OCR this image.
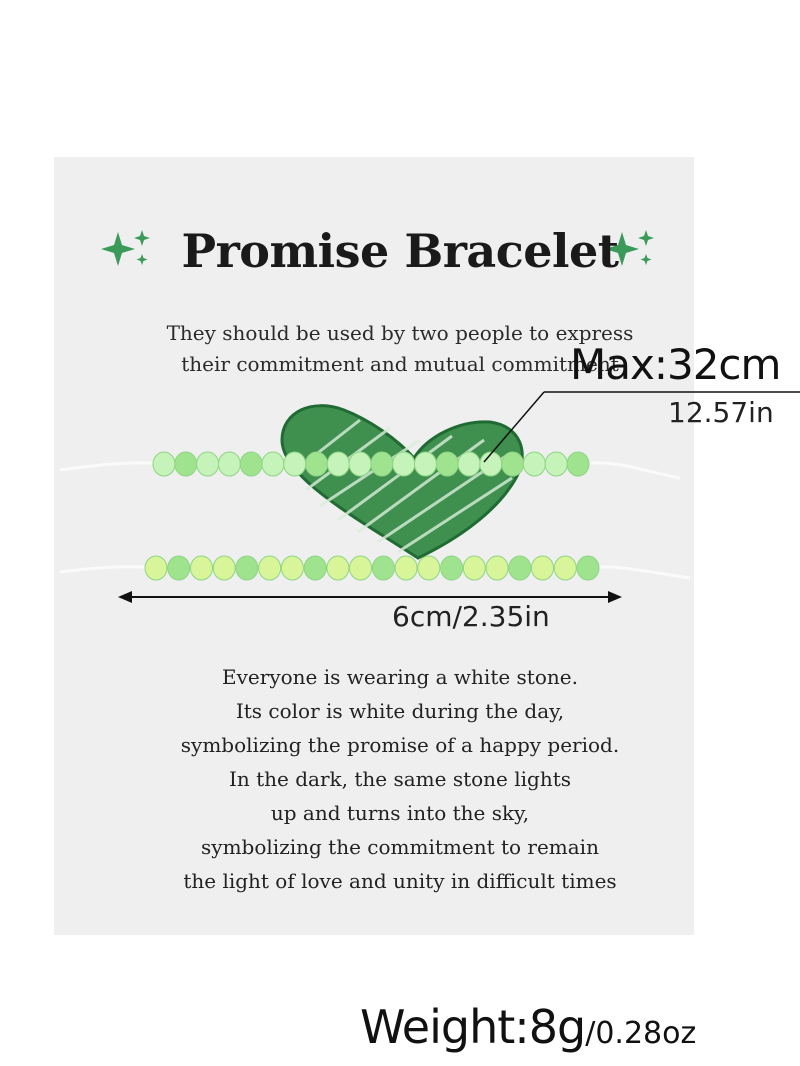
Promise Bracelet
They should be used by two people to express
their commitment and mutual commitment
Max:32cm
12.57in
6cm/2.35in
Everyone is wearing a white stone.
Its color is white during the day,
symbolizing the promise of a happy period.
In the dark, the same stone lights
up and turns into the sky,
symbolizing the commitment to remain
the light of love and unity in difficult times
Weight:8g/0.28oz
